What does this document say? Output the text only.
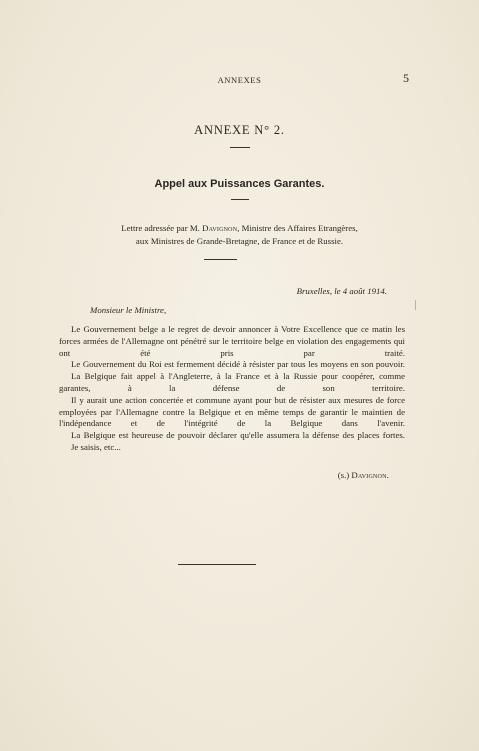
ANNEXES	5
ANNEXE N° 2.
Appel aux Puissances Garantes.
Lettre adressée par M. Davignon, Ministre des Affaires Etrangères,
aux Ministres de Grande-Bretagne, de France et de Russie.
Bruxelles, le 4 août 1914.
Monsieur le Ministre,

Le Gouvernement belge a le regret de devoir annoncer à Votre Excellence que ce matin les forces armées de l'Allemagne ont pénétré sur le territoire belge en violation des engagements qui ont été pris par traité.

Le Gouvernement du Roi est fermement décidé à résister par tous les moyens en son pouvoir.

La Belgique fait appel à l'Angleterre, à la France et à la Russie pour coopérer, comme garantes, à la défense de son territoire.

Il y aurait une action concertée et commune ayant pour but de résister aux mesures de force employées par l'Allemagne contre la Belgique et en même temps de garantir le maintien de l'indépendance et de l'intégrité de la Belgique dans l'avenir.

La Belgique est heureuse de pouvoir déclarer qu'elle assumera la défense des places fortes.

Je saisis, etc...

(s.) Davignon.
